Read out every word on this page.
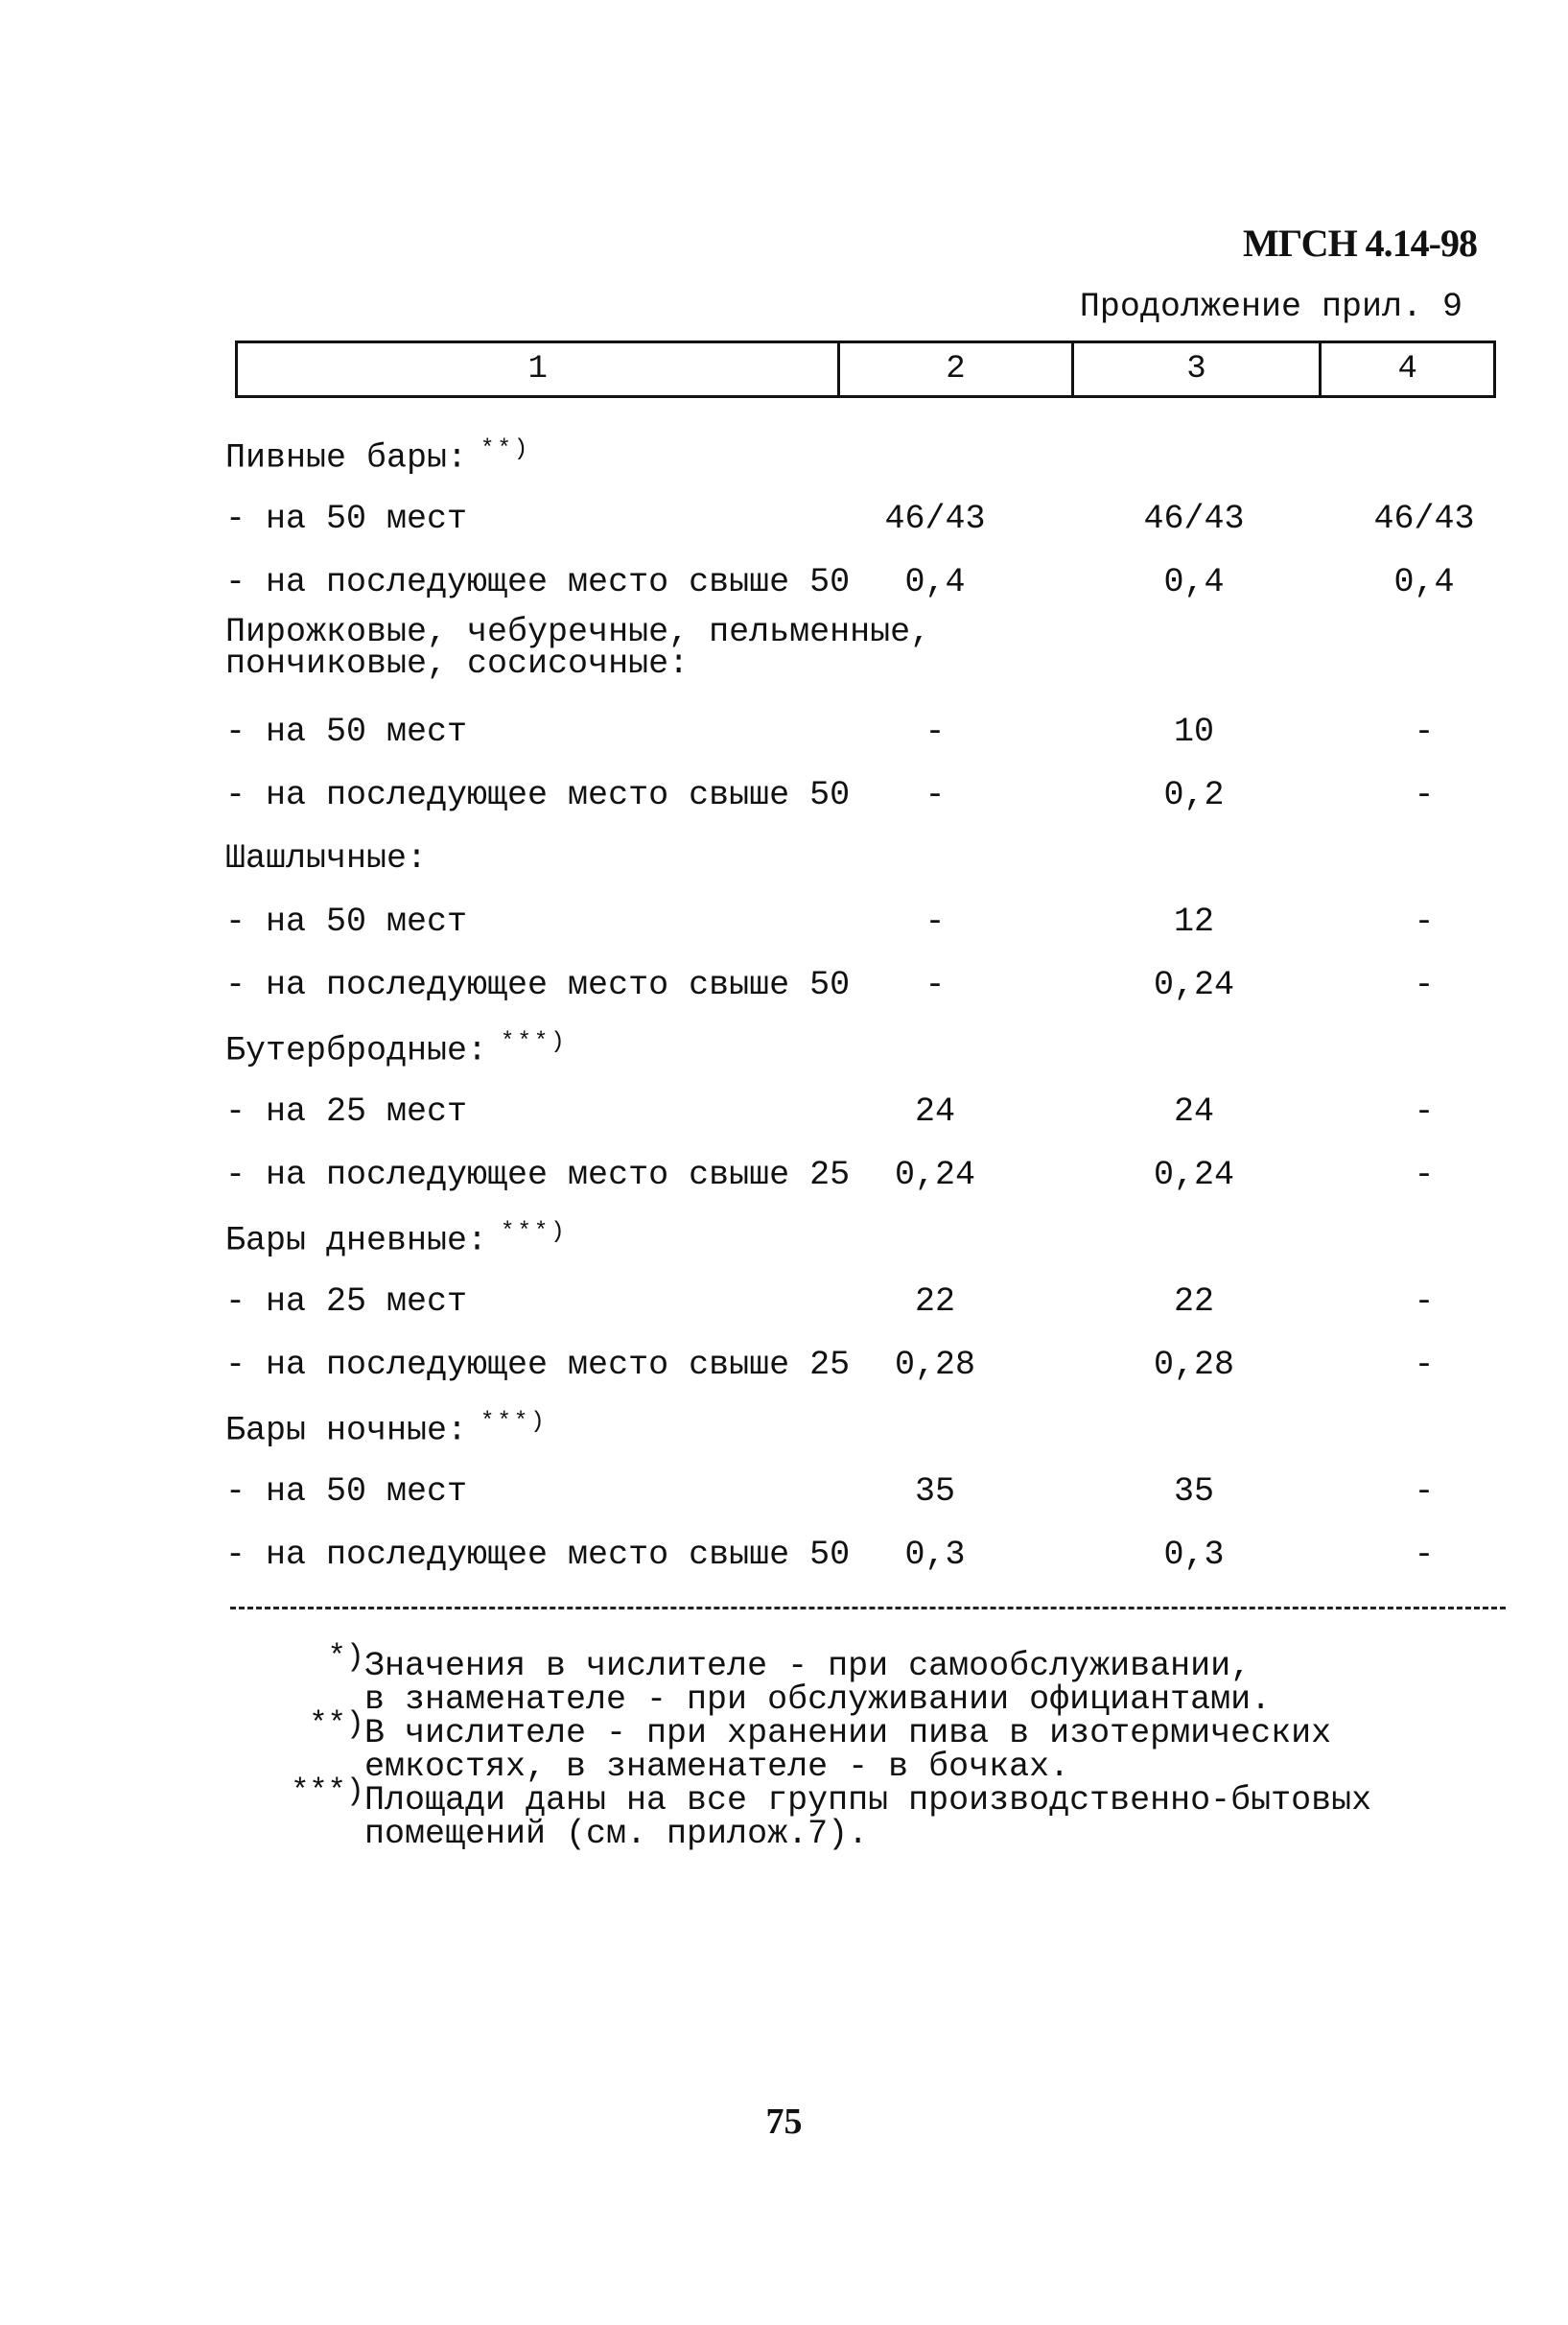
МГСН 4.14-98
Продолжение прил. 9
1	2	3	4
Пивные бары: **)
- на 50 мест	46/43	46/43	46/43
- на последующее место свыше 50	0,4	0,4	0,4
Пирожковые, чебуречные, пельменные,
пончиковые, сосисочные:
- на 50 мест	-	10	-
- на последующее место свыше 50	-	0,2	-
Шашлычные:
- на 50 мест	-	12	-
- на последующее место свыше 50	-	0,24	-
Бутербродные: ***)
- на 25 мест	24	24	-
- на последующее место свыше 25	0,24	0,24	-
Бары дневные: ***)
- на 25 мест	22	22	-
- на последующее место свыше 25	0,28	0,28	-
Бары ночные: ***)
- на 50 мест	35	35	-
- на последующее место свыше 50	0,3	0,3	-
*) Значения в числителе - при самообслуживании,
в знаменателе - при обслуживании официантами.
**) В числителе - при хранении пива в изотермических
емкостях, в знаменателе - в бочках.
***) Площади даны на все группы производственно-бытовых
помещений (см. прилож.7).
75
